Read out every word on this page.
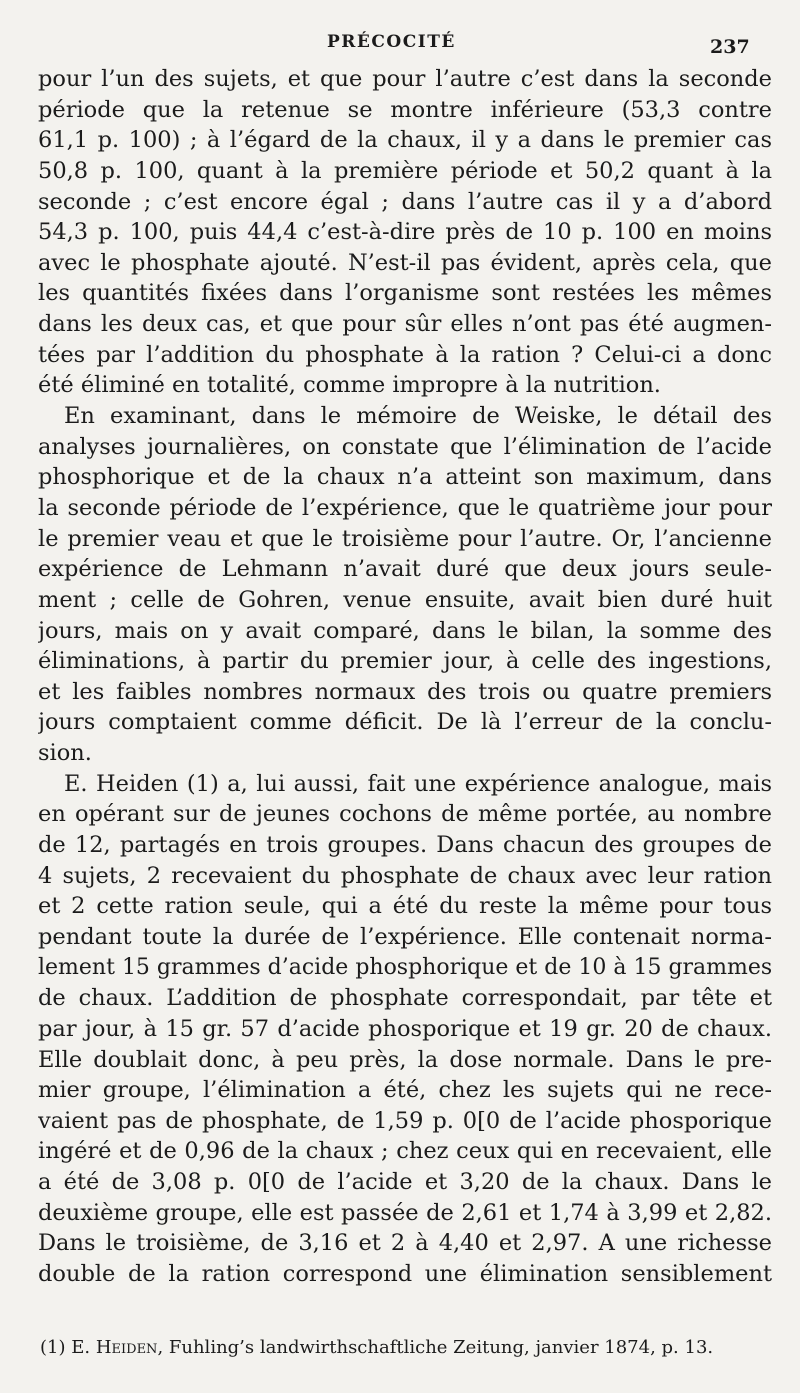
PRÉCOCITÉ	237
pour l’un des sujets, et que pour l’autre c’est dans la seconde
période que la retenue se montre inférieure (53,3 contre
61,1 p. 100) ; à l’égard de la chaux, il y a dans le premier cas
50,8 p. 100, quant à la première période et 50,2 quant à la
seconde ; c’est encore égal ; dans l’autre cas il y a d’abord
54,3 p. 100, puis 44,4 c’est-à-dire près de 10 p. 100 en moins
avec le phosphate ajouté. N’est-il pas évident, après cela, que
les quantités fixées dans l’organisme sont restées les mêmes
dans les deux cas, et que pour sûr elles n’ont pas été augmen-
tées par l’addition du phosphate à la ration ? Celui-ci a donc
été éliminé en totalité, comme impropre à la nutrition.
En examinant, dans le mémoire de Weiske, le détail des
analyses journalières, on constate que l’élimination de l’acide
phosphorique et de la chaux n’a atteint son maximum, dans
la seconde période de l’expérience, que le quatrième jour pour
le premier veau et que le troisième pour l’autre. Or, l’ancienne
expérience de Lehmann n’avait duré que deux jours seule-
ment ; celle de Gohren, venue ensuite, avait bien duré huit
jours, mais on y avait comparé, dans le bilan, la somme des
éliminations, à partir du premier jour, à celle des ingestions,
et les faibles nombres normaux des trois ou quatre premiers
jours comptaient comme déficit. De là l’erreur de la conclu-
sion.
E. Heiden (1) a, lui aussi, fait une expérience analogue, mais
en opérant sur de jeunes cochons de même portée, au nombre
de 12, partagés en trois groupes. Dans chacun des groupes de
4 sujets, 2 recevaient du phosphate de chaux avec leur ration
et 2 cette ration seule, qui a été du reste la même pour tous
pendant toute la durée de l’expérience. Elle contenait norma-
lement 15 grammes d’acide phosphorique et de 10 à 15 grammes
de chaux. L’addition de phosphate correspondait, par tête et
par jour, à 15 gr. 57 d’acide phosporique et 19 gr. 20 de chaux.
Elle doublait donc, à peu près, la dose normale. Dans le pre-
mier groupe, l’élimination a été, chez les sujets qui ne rece-
vaient pas de phosphate, de 1,59 p. 0[0 de l’acide phosporique
ingéré et de 0,96 de la chaux ; chez ceux qui en recevaient, elle
a été de 3,08 p. 0[0 de l’acide et 3,20 de la chaux. Dans le
deuxième groupe, elle est passée de 2,61 et 1,74 à 3,99 et 2,82.
Dans le troisième, de 3,16 et 2 à 4,40 et 2,97. A une richesse
double de la ration correspond une élimination sensiblement
(1) E. Heiden, Fuhling’s landwirthschaftliche Zeitung, janvier 1874, p. 13.
